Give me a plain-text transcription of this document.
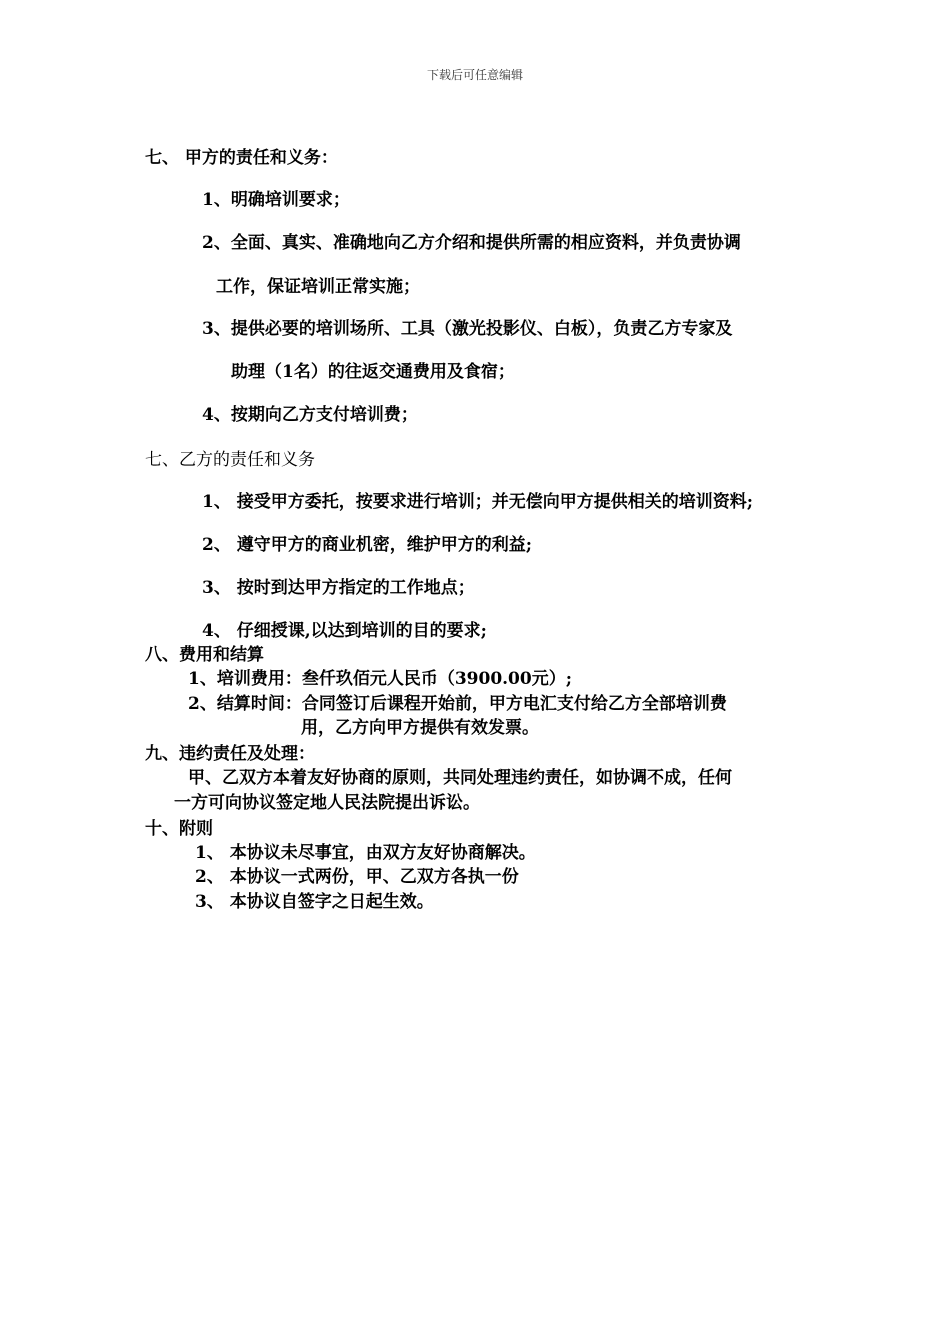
下载后可任意编辑
七、 甲方的责任和义务：
1、明确培训要求；
2、全面、真实、准确地向乙方介绍和提供所需的相应资料，并负责协调
工作，保证培训正常实施；
3、提供必要的培训场所、工具（激光投影仪、白板），负责乙方专家及
助理（1名）的往返交通费用及食宿；
4、按期向乙方支付培训费；
七、乙方的责任和义务
1、 接受甲方委托，按要求进行培训；并无偿向甲方提供相关的培训资料;
2、 遵守甲方的商业机密，维护甲方的利益;
3、 按时到达甲方指定的工作地点；
4、 仔细授课,以达到培训的目的要求;
八、费用和结算
1、培训费用：叁仟玖佰元人民币（3900.00元）;
2、结算时间：合同签订后课程开始前，甲方电汇支付给乙方全部培训费
用，乙方向甲方提供有效发票。
九、违约责任及处理：
甲、乙双方本着友好协商的原则，共同处理违约责任，如协调不成，任何
一方可向协议签定地人民法院提出诉讼。
十、附则
1、 本协议未尽事宜，由双方友好协商解决。
2、 本协议一式两份，甲、乙双方各执一份
3、 本协议自签字之日起生效。
